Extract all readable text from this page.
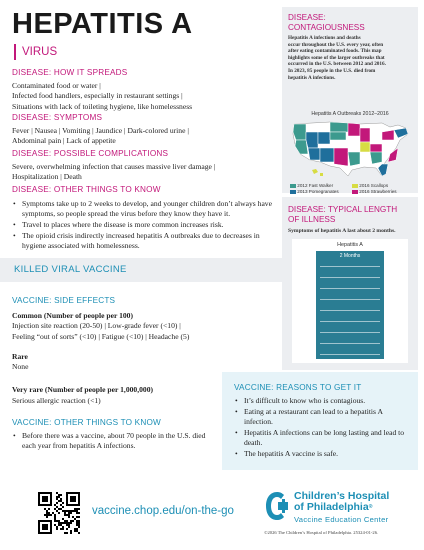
HEPATITIS A
VIRUS
DISEASE: HOW IT SPREADS
Contaminated food or water |
Infected food handlers, especially in restaurant settings |
Situations with lack of toileting hygiene, like homelessness
DISEASE: SYMPTOMS
Fever | Nausea | Vomiting | Jaundice | Dark-colored urine |
Abdominal pain | Lack of appetite
DISEASE: POSSIBLE COMPLICATIONS
Severe, overwhelming infection that causes massive liver damage |
Hospitalization | Death
DISEASE: OTHER THINGS TO KNOW
• Symptoms take up to 2 weeks to develop, and younger children don’t always have symptoms, so people spread the virus before they know they have it.
• Travel to places where the disease is more common increases risk.
• The opioid crisis indirectly increased hepatitis A outbreaks due to decreases in hygiene associated with homelessness.
KILLED VIRAL VACCINE
VACCINE: SIDE EFFECTS
Common (Number of people per 100)
Injection site reaction (20-50) | Low-grade fever (<10) |
Feeling “out of sorts” (<10) | Fatigue (<10) | Headache (5)
Rare
None
Very rare (Number of people per 1,000,000)
Serious allergic reaction (<1)
VACCINE: OTHER THINGS TO KNOW
• Before there was a vaccine, about 70 people in the U.S. died each year from hepatitis A infections.
DISEASE:
CONTAGIOUSNESS
Hepatitis A infections and deaths
occur throughout the U.S. every year, often
after eating contaminated foods. This map
highlights some of the larger outbreaks that
occurred in the U.S. between 2012 and 2016.
In 2023, 85 people in the U.S. died from
hepatitis A infections.
Hepatitis A Outbreaks 2012–2016
2012 Fast Walker	2016 Scallops
2013 Pomegranates	2016 Strawberries
DISEASE: TYPICAL LENGTH
OF ILLNESS
Symptoms of hepatitis A last about 2 months.
Hepatitis A
2 Months
VACCINE: REASONS TO GET IT
• It’s difficult to know who is contagious.
• Eating at a restaurant can lead to a hepatitis A infection.
• Hepatitis A infections can be long lasting and lead to death.
• The hepatitis A vaccine is safe.
vaccine.chop.edu/on-the-go
Children’s Hospital
of Philadelphia®
Vaccine Education Center
©2026 The Children’s Hospital of Philadelphia. 25324-01-26.
